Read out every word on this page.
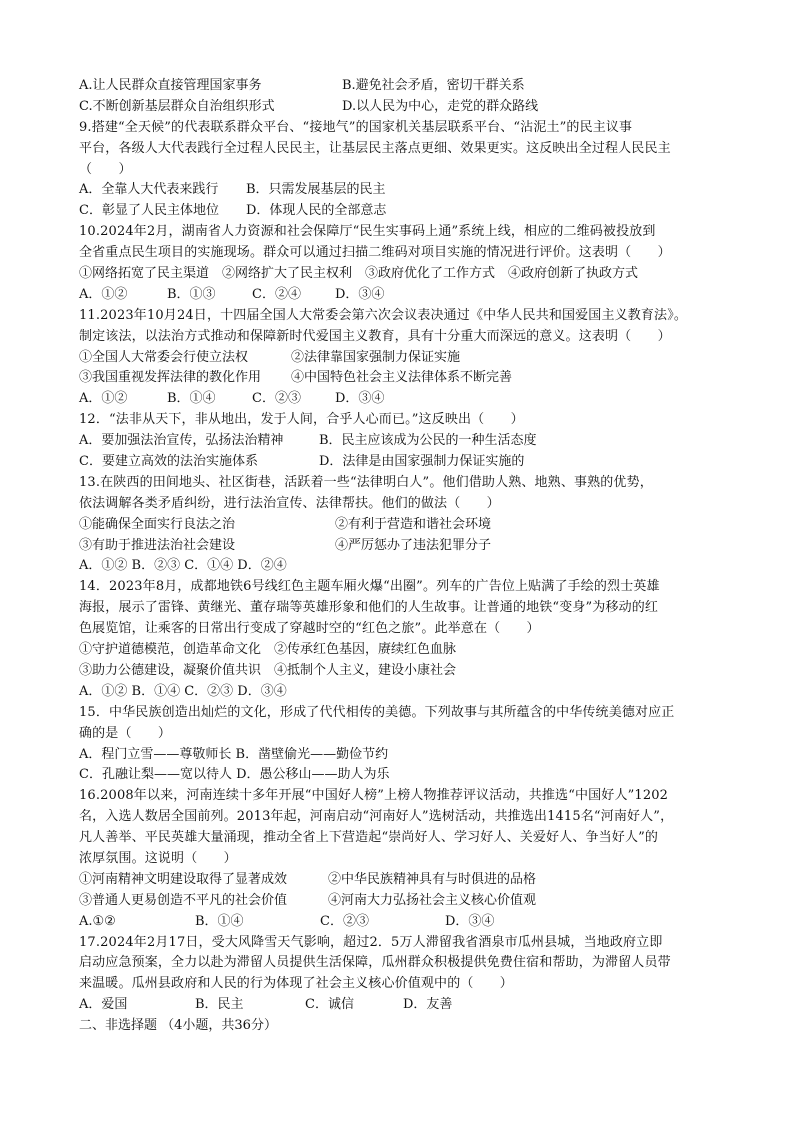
A.让人民群众直接管理国家事务	B.避免社会矛盾，密切干群关系
C.不断创新基层群众自治组织形式	D.以人民为中心，走党的群众路线
9.搭建“全天候”的代表联系群众平台、“接地气”的国家机关基层联系平台、“沾泥土”的民主议事
平台，各级人大代表践行全过程人民民主，让基层民主落点更细、效果更实。这反映出全过程人民民主
（　　）
A．全靠人大代表来践行 B．只需发展基层的民主
C．彰显了人民主体地位 D．体现人民的全部意志
10.2024年2月，湖南省人力资源和社会保障厅“民生实事码上通”系统上线，相应的二维码被投放到
全省重点民生项目的实施现场。群众可以通过扫描二维码对项目实施的情况进行评价。这表明（　　）
①网络拓宽了民主渠道　②网络扩大了民主权利　③政府优化了工作方式　④政府创新了执政方式
A．①②	B．①③	C．②④	D．③④
11.2023年10月24日，十四届全国人大常委会第六次会议表决通过《中华人民共和国爱国主义教育法》。
制定该法，以法治方式推动和保障新时代爱国主义教育，具有十分重大而深远的意义。这表明（　　）
①全国人大常委会行使立法权	②法律靠国家强制力保证实施
③我国重视发挥法律的教化作用 ④中国特色社会主义法律体系不断完善
A．①②	B．①④	C．②③	D．③④
12．“法非从天下，非从地出，发于人间，合乎人心而已。”这反映出（　　）
A．要加强法治宣传，弘扬法治精神	B．民主应该成为公民的一种生活态度
C．要建立高效的法治实施体系	D．法律是由国家强制力保证实施的
13.在陕西的田间地头、社区街巷，活跃着一些“法律明白人”。他们借助人熟、地熟、事熟的优势，
依法调解各类矛盾纠纷，进行法治宣传、法律帮扶。他们的做法（　　）
①能确保全面实行良法之治	②有利于营造和谐社会环境
③有助于推进法治社会建设	④严厉惩办了违法犯罪分子
A．①② B．②③ C．①④ D．②④
14．2023年8月，成都地铁6号线红色主题车厢火爆“出圈”。列车的广告位上贴满了手绘的烈士英雄
海报，展示了雷锋、黄继光、董存瑞等英雄形象和他们的人生故事。让普通的地铁“变身”为移动的红
色展览馆，让乘客的日常出行变成了穿越时空的“红色之旅”。此举意在（　　）
①守护道德模范，创造革命文化　②传承红色基因，赓续红色血脉
③助力公德建设，凝聚价值共识　④抵制个人主义，建设小康社会
A．①② B．①④ C．②③ D．③④
15．中华民族创造出灿烂的文化，形成了代代相传的美德。下列故事与其所蕴含的中华传统美德对应正
确的是（　　）
A．程门立雪——尊敬师长 B．凿壁偷光——勤俭节约
C．孔融让梨——宽以待人 D．愚公移山——助人为乐
16.2008年以来，河南连续十多年开展“中国好人榜”上榜人物推荐评议活动，共推选“中国好人”1202
名，入选人数居全国前列。2013年起，河南启动“河南好人”选树活动，共推选出1415名“河南好人”，
凡人善举、平民英雄大量涌现，推动全省上下营造起“崇尚好人、学习好人、关爱好人、争当好人”的
浓厚氛围。这说明（　　）
①河南精神文明建设取得了显著成效	②中华民族精神具有与时俱进的品格
③普通人更易创造不平凡的社会价值	④河南大力弘扬社会主义核心价值观
A.①②	B．①④	C．②③	D．③④
17.2024年2月17日，受大风降雪天气影响，超过2．5万人滞留我省酒泉市瓜州县城，当地政府立即
启动应急预案，全力以赴为滞留人员提供生活保障，瓜州群众积极提供免费住宿和帮助，为滞留人员带
来温暖。瓜州县政府和人民的行为体现了社会主义核心价值观中的（　　）
A．爱国	B．民主	C．诚信	D．友善
二、非选择题 （4小题，共36分）
